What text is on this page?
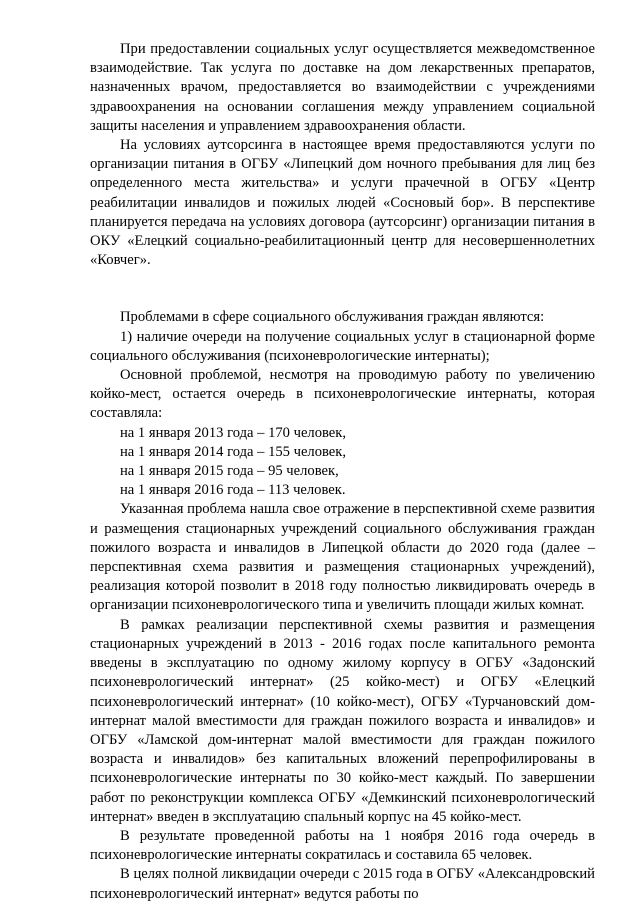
При предоставлении социальных услуг осуществляется межведомственное взаимодействие. Так услуга по доставке на дом лекарственных препаратов, назначенных врачом, предоставляется во взаимодействии с учреждениями здравоохранения на основании соглашения между управлением социальной защиты населения и управлением здравоохранения области.

На условиях аутсорсинга в настоящее время предоставляются услуги по организации питания в ОГБУ «Липецкий дом ночного пребывания для лиц без определенного места жительства» и услуги прачечной в ОГБУ «Центр реабилитации инвалидов и пожилых людей «Сосновый бор». В перспективе планируется передача на условиях договора (аутсорсинг) организации питания в ОКУ «Елецкий социально-реабилитационный центр для несовершеннолетних «Ковчег».

Проблемами в сфере социального обслуживания граждан являются:

1) наличие очереди на получение социальных услуг в стационарной форме социального обслуживания (психоневрологические интернаты);

Основной проблемой, несмотря на проводимую работу по увеличению койко-мест, остается очередь в психоневрологические интернаты, которая составляла:

на 1 января 2013 года – 170 человек,

на 1 января 2014 года – 155 человек,

на 1 января 2015 года – 95 человек,

на 1 января 2016 года – 113 человек.

Указанная проблема нашла свое отражение в перспективной схеме развития и размещения стационарных учреждений социального обслуживания граждан пожилого возраста и инвалидов в Липецкой области до 2020 года (далее – перспективная схема развития и размещения стационарных учреждений), реализация которой позволит в 2018 году полностью ликвидировать очередь в организации психоневрологического типа и увеличить площади жилых комнат.

В рамках реализации перспективной схемы развития и размещения стационарных учреждений в 2013 - 2016 годах после капитального ремонта введены в эксплуатацию по одному жилому корпусу в ОГБУ «Задонский психоневрологический интернат» (25 койко-мест) и ОГБУ «Елецкий психоневрологический интернат» (10 койко-мест), ОГБУ «Турчановский дом-интернат малой вместимости для граждан пожилого возраста и инвалидов» и ОГБУ «Ламской дом-интернат малой вместимости для граждан пожилого возраста и инвалидов» без капитальных вложений перепрофилированы в психоневрологические интернаты по 30 койко-мест каждый. По завершении работ по реконструкции комплекса ОГБУ «Демкинский психоневрологический интернат» введен в эксплуатацию спальный корпус на 45 койко-мест.

В результате проведенной работы на 1 ноября 2016 года очередь в психоневрологические интернаты сократилась и составила 65 человек.

В целях полной ликвидации очереди с 2015 года в ОГБУ «Александровский психоневрологический интернат» ведутся работы по
